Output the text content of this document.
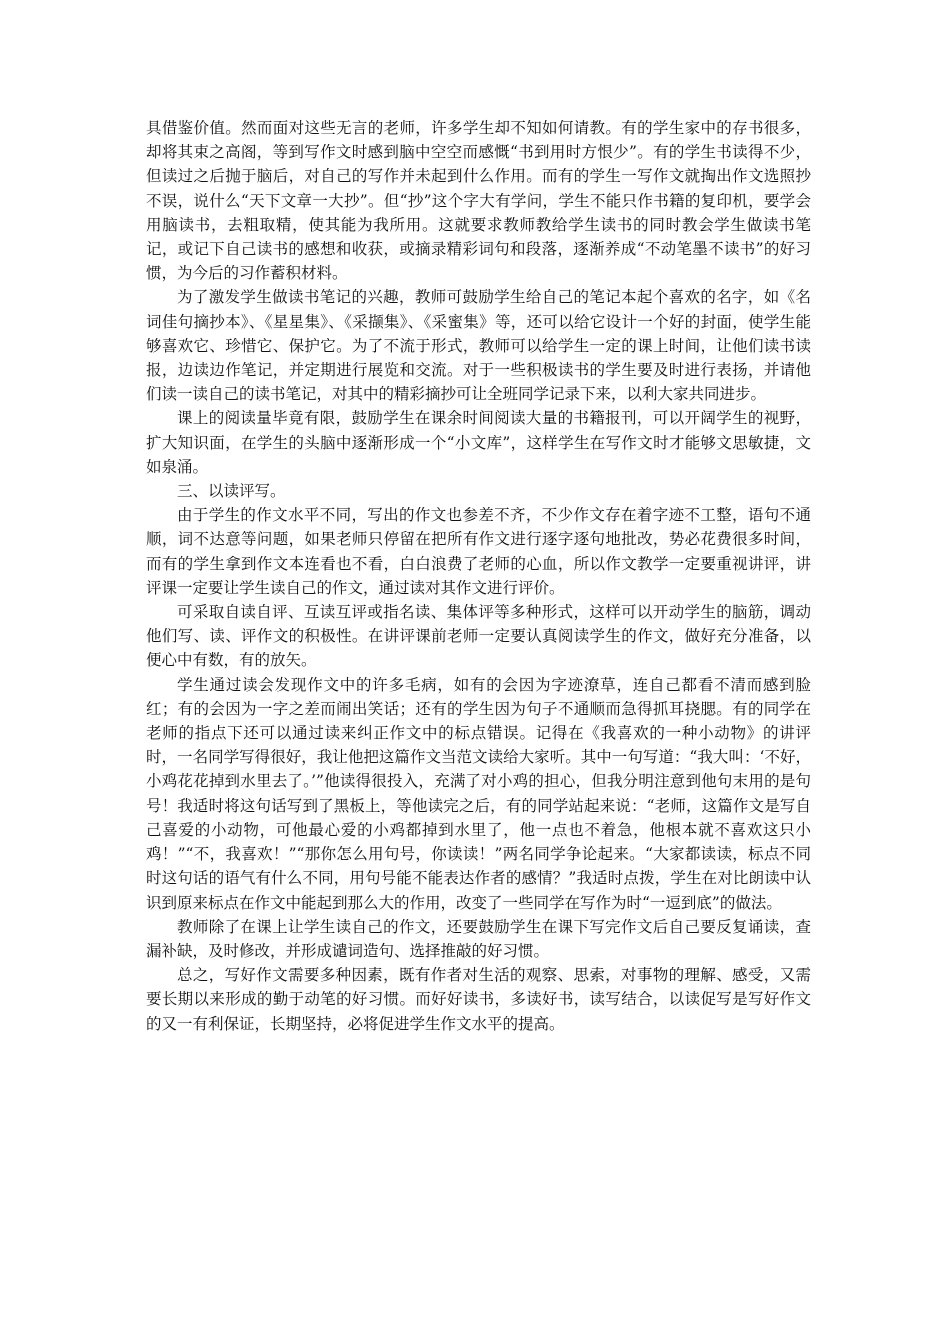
具借鉴价值。然而面对这些无言的老师，许多学生却不知如何请教。有的学生家中的存书很多，却将其束之高阁，等到写作文时感到脑中空空而感慨“书到用时方恨少”。有的学生书读得不少，但读过之后抛于脑后，对自己的写作并未起到什么作用。而有的学生一写作文就掏出作文选照抄不误，说什么“天下文章一大抄”。但“抄”这个字大有学问，学生不能只作书籍的复印机，要学会用脑读书，去粗取精，使其能为我所用。这就要求教师教给学生读书的同时教会学生做读书笔记，或记下自己读书的感想和收获，或摘录精彩词句和段落，逐渐养成“不动笔墨不读书”的好习惯，为今后的习作蓄积材料。

为了激发学生做读书笔记的兴趣，教师可鼓励学生给自己的笔记本起个喜欢的名字，如《名词佳句摘抄本》、《星星集》、《采撷集》、《采蜜集》等，还可以给它设计一个好的封面，使学生能够喜欢它、珍惜它、保护它。为了不流于形式，教师可以给学生一定的课上时间，让他们读书读报，边读边作笔记，并定期进行展览和交流。对于一些积极读书的学生要及时进行表扬，并请他们读一读自己的读书笔记，对其中的精彩摘抄可让全班同学记录下来，以利大家共同进步。

课上的阅读量毕竟有限，鼓励学生在课余时间阅读大量的书籍报刊，可以开阔学生的视野，扩大知识面，在学生的头脑中逐渐形成一个“小文库”，这样学生在写作文时才能够文思敏捷，文如泉涌。

三、以读评写。

由于学生的作文水平不同，写出的作文也参差不齐，不少作文存在着字迹不工整，语句不通顺，词不达意等问题，如果老师只停留在把所有作文进行逐字逐句地批改，势必花费很多时间，而有的学生拿到作文本连看也不看，白白浪费了老师的心血，所以作文教学一定要重视讲评，讲评课一定要让学生读自己的作文，通过读对其作文进行评价。

可采取自读自评、互读互评或指名读、集体评等多种形式，这样可以开动学生的脑筋，调动他们写、读、评作文的积极性。在讲评课前老师一定要认真阅读学生的作文，做好充分准备，以便心中有数，有的放矢。

学生通过读会发现作文中的许多毛病，如有的会因为字迹潦草，连自己都看不清而感到脸红；有的会因为一字之差而闹出笑话；还有的学生因为句子不通顺而急得抓耳挠腮。有的同学在老师的指点下还可以通过读来纠正作文中的标点错误。记得在《我喜欢的一种小动物》的讲评时，一名同学写得很好，我让他把这篇作文当范文读给大家听。其中一句写道：“我大叫：‘不好，小鸡花花掉到水里去了。’”他读得很投入，充满了对小鸡的担心，但我分明注意到他句末用的是句号！我适时将这句话写到了黑板上，等他读完之后，有的同学站起来说：“老师，这篇作文是写自己喜爱的小动物，可他最心爱的小鸡都掉到水里了，他一点也不着急，他根本就不喜欢这只小鸡！”“不，我喜欢！”“那你怎么用句号，你读读！”两名同学争论起来。“大家都读读，标点不同时这句话的语气有什么不同，用句号能不能表达作者的感情？”我适时点拨，学生在对比朗读中认识到原来标点在作文中能起到那么大的作用，改变了一些同学在写作为时“一逗到底”的做法。

教师除了在课上让学生读自己的作文，还要鼓励学生在课下写完作文后自己要反复诵读，查漏补缺，及时修改，并形成谴词造句、选择推敲的好习惯。

总之，写好作文需要多种因素，既有作者对生活的观察、思索，对事物的理解、感受，又需要长期以来形成的勤于动笔的好习惯。而好好读书，多读好书，读写结合，以读促写是写好作文的又一有利保证，长期坚持，必将促进学生作文水平的提高。
